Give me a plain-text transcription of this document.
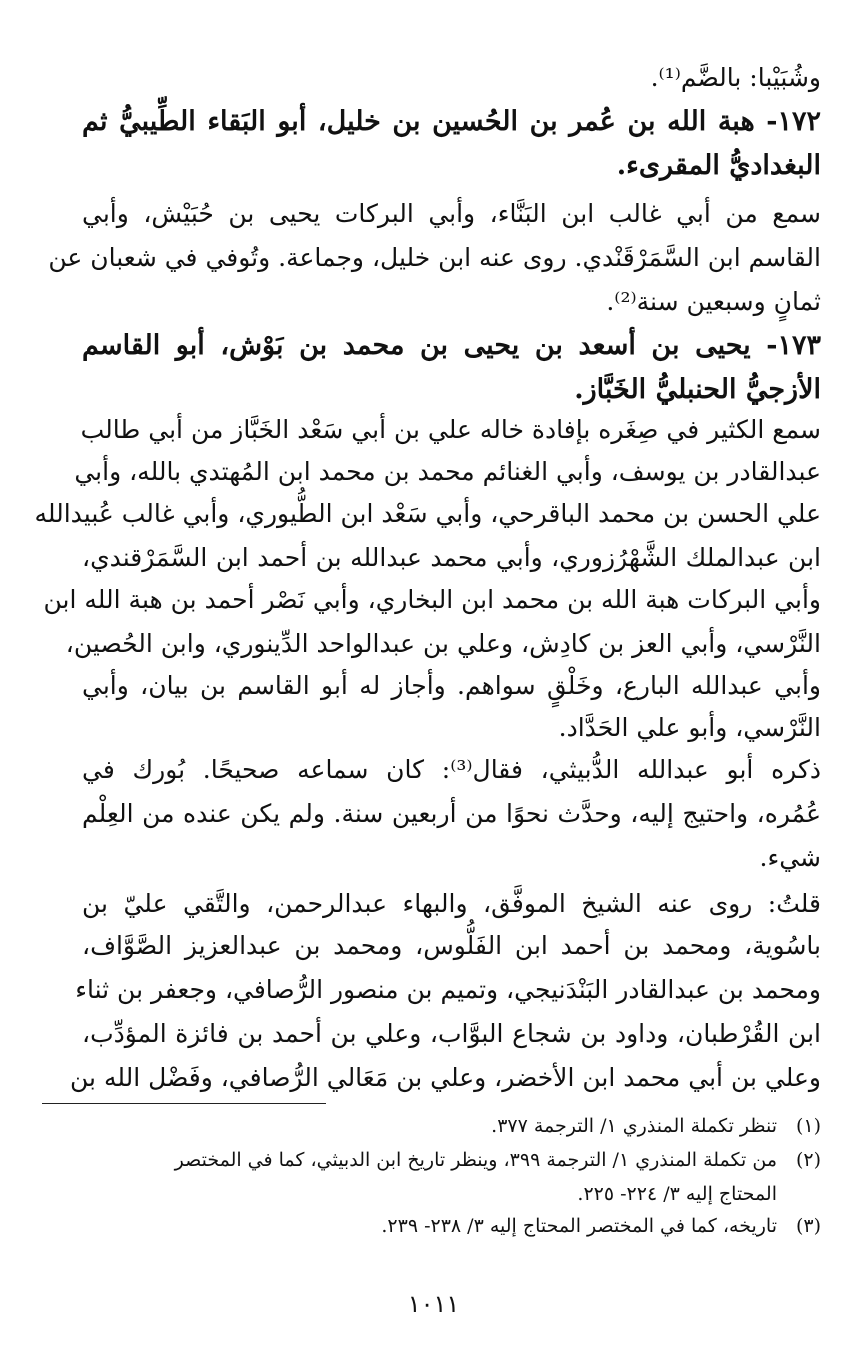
وشُبَيْبا: بالضَّم⁽¹⁾.
١٧٢- هبة الله بن عُمر بن الحُسين بن خليل، أبو البَقاء الطِّيبيُّ ثم
البغداديُّ المقرىء.
سمع من أبي غالب ابن البَنَّاء، وأبي البركات يحيى بن حُبَيْش، وأبي
القاسم ابن السَّمَرْقَنْدي. روى عنه ابن خليل، وجماعة. وتُوفي في شعبان عن
ثمانٍ وسبعين سنة⁽²⁾.
١٧٣- يحيى بن أسعد بن يحيى بن محمد بن بَوْش، أبو القاسم
الأزجيُّ الحنبليُّ الخَبَّاز.
سمع الكثير في صِغَره بإفادة خاله علي بن أبي سَعْد الخَبَّاز من أبي طالب
عبدالقادر بن يوسف، وأبي الغنائم محمد بن محمد ابن المُهتدي بالله، وأبي
علي الحسن بن محمد الباقرحي، وأبي سَعْد ابن الطُّيوري، وأبي غالب عُبيدالله
ابن عبدالملك الشَّهْرُزوري، وأبي محمد عبدالله بن أحمد ابن السَّمَرْقندي،
وأبي البركات هبة الله بن محمد ابن البخاري، وأبي نَصْر أحمد بن هبة الله ابن
النَّرْسي، وأبي العز بن كادِش، وعلي بن عبدالواحد الدِّينوري، وابن الحُصين،
وأبي عبدالله البارع، وخَلْقٍ سواهم. وأجاز له أبو القاسم بن بيان، وأبي
النَّرْسي، وأبو علي الحَدَّاد.
ذكره أبو عبدالله الدُّبيثي، فقال⁽³⁾: كان سماعه صحيحًا. بُورك في
عُمُره، واحتيج إليه، وحدَّث نحوًا من أربعين سنة. ولم يكن عنده من العِلْم
شيء.
قلتُ: روى عنه الشيخ الموفَّق، والبهاء عبدالرحمن، والتَّقي عليّ بن
باسُوية، ومحمد بن أحمد ابن الفَلُّوس، ومحمد بن عبدالعزيز الصَّوَّاف،
ومحمد بن عبدالقادر البَنْدَنيجي، وتميم بن منصور الرُّصافي، وجعفر بن ثناء
ابن القُرْطبان، وداود بن شجاع البوَّاب، وعلي بن أحمد بن فائزة المؤدِّب،
وعلي بن أبي محمد ابن الأخضر، وعلي بن مَعَالي الرُّصافي، وفَضْل الله بن
(١)تنظر تكملة المنذري ١/ الترجمة ٣٧٧.
(٢)من تكملة المنذري ١/ الترجمة ٣٩٩، وينظر تاريخ ابن الدبيثي، كما في المختصر
المحتاج إليه ٣/ ٢٢٤- ٢٢٥.
(٣)تاريخه، كما في المختصر المحتاج إليه ٣/ ٢٣٨- ٢٣٩.
١٠١١
